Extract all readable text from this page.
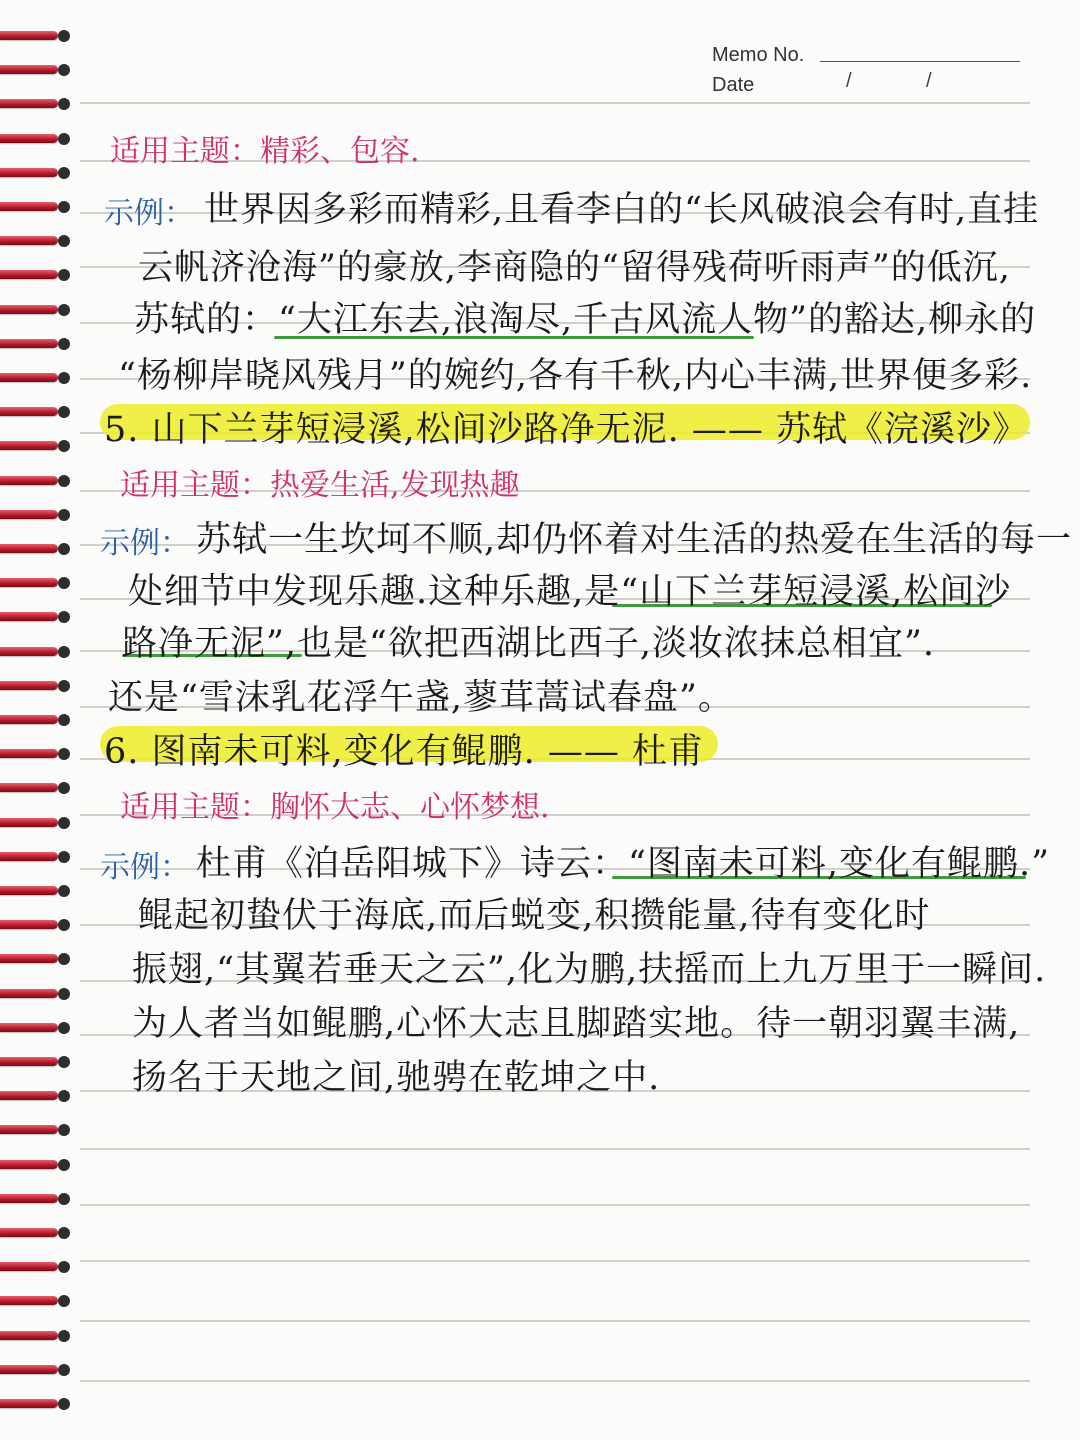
Memo No.
Date	/	/
适用主题：精彩、包容.
示例： 世界因多彩而精彩,且看李白的“长风破浪会有时,直挂
云帆济沧海”的豪放,李商隐的“留得残荷听雨声”的低沉,
苏轼的：“大江东去,浪淘尽,千古风流人物”的豁达,柳永的
“杨柳岸晓风残月”的婉约,各有千秋,内心丰满,世界便多彩.
5. 山下兰芽短浸溪,松间沙路净无泥. —— 苏轼《浣溪沙》
适用主题：热爱生活,发现热趣
示例： 苏轼一生坎坷不顺,却仍怀着对生活的热爱在生活的每一
处细节中发现乐趣.这种乐趣,是“山下兰芽短浸溪,松间沙
路净无泥”,也是“欲把西湖比西子,淡妆浓抹总相宜”.
还是“雪沫乳花浮午盏,蓼茸蒿试春盘”。
6. 图南未可料,变化有鲲鹏. —— 杜甫
适用主题：胸怀大志、心怀梦想.
示例： 杜甫《泊岳阳城下》诗云：“图南未可料,变化有鲲鹏.”
鲲起初蛰伏于海底,而后蜕变,积攒能量,待有变化时
振翅,“其翼若垂天之云”,化为鹏,扶摇而上九万里于一瞬间.
为人者当如鲲鹏,心怀大志且脚踏实地。待一朝羽翼丰满,
扬名于天地之间,驰骋在乾坤之中.
